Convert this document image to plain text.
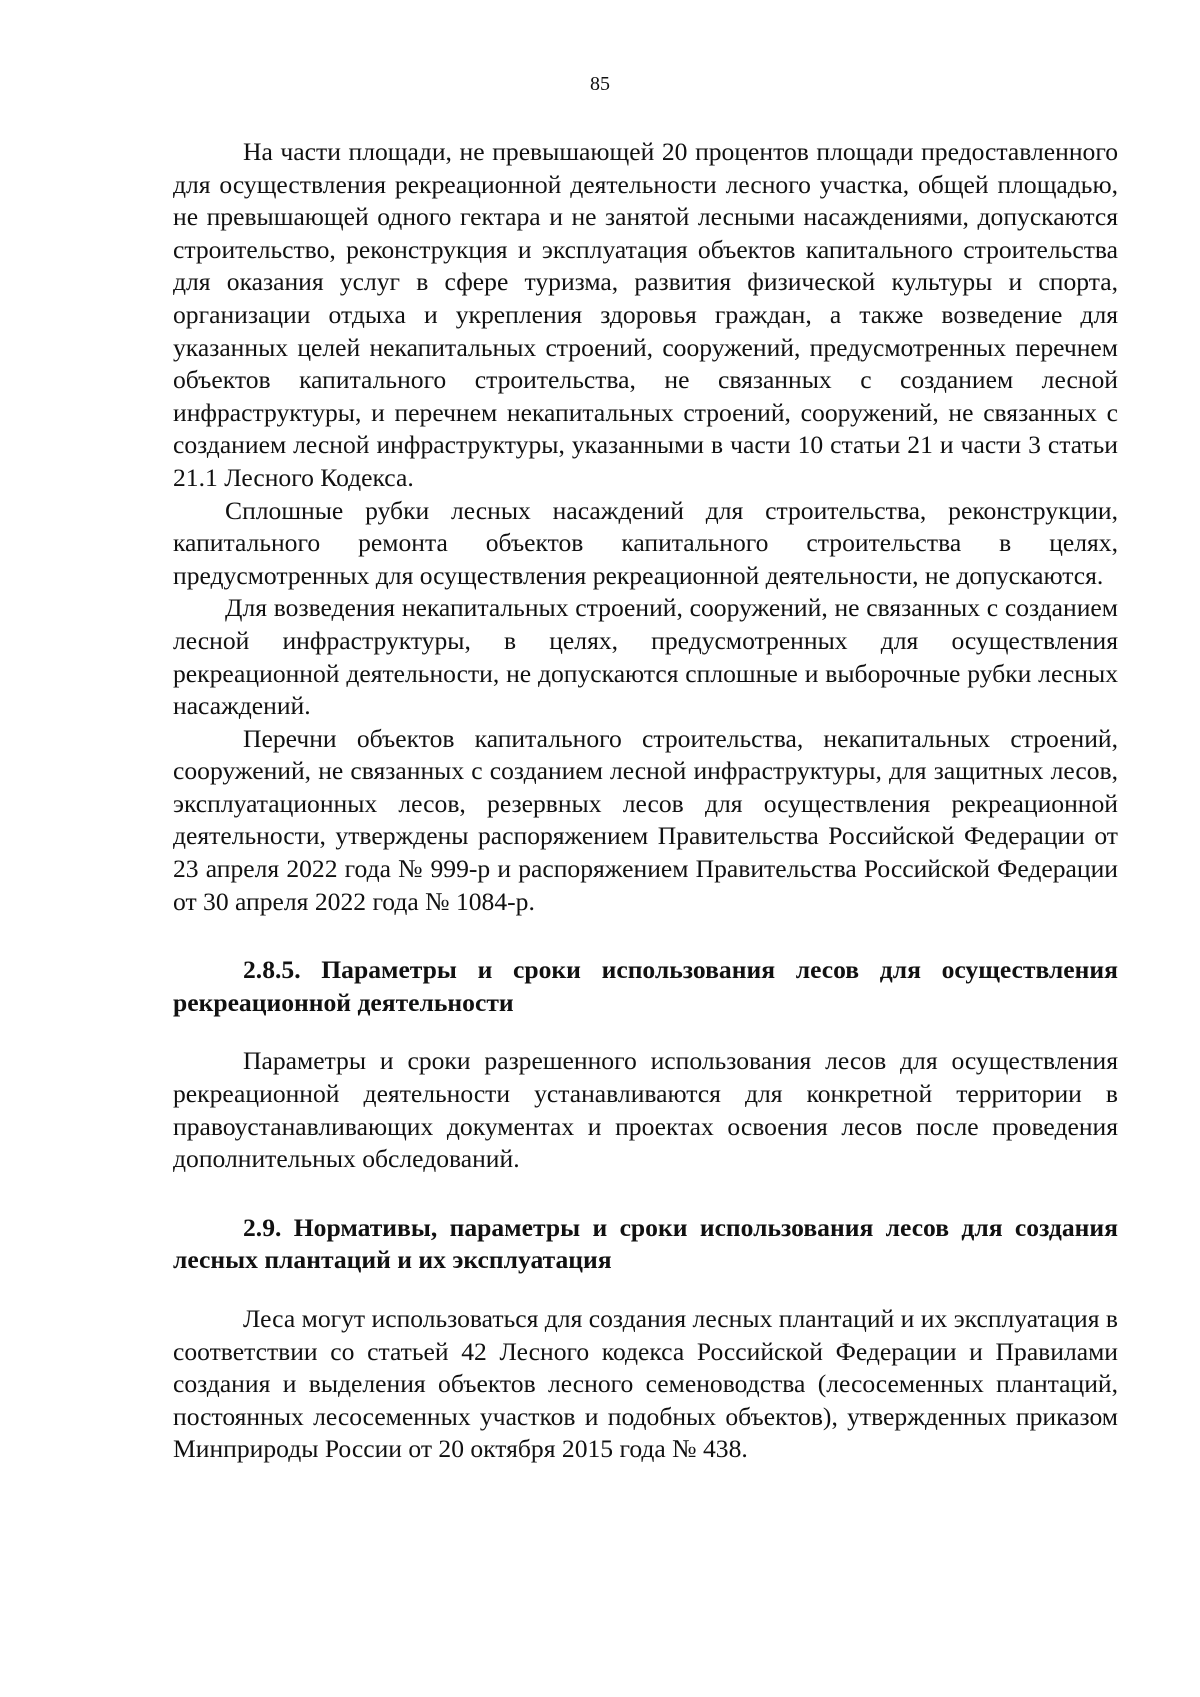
85

На части площади, не превышающей 20 процентов площади предоставленного для осуществления рекреационной деятельности лесного участка, общей площадью, не превышающей одного гектара и не занятой лесными насаждениями, допускаются строительство, реконструкция и эксплуатация объектов капитального строительства для оказания услуг в сфере туризма, развития физической культуры и спорта, организации отдыха и укрепления здоровья граждан, а также возведение для указанных целей некапитальных строений, сооружений, предусмотренных перечнем объектов капитального строительства, не связанных с созданием лесной инфраструктуры, и перечнем некапитальных строений, сооружений, не связанных с созданием лесной инфраструктуры, указанными в части 10 статьи 21 и части 3 статьи 21.1 Лесного Кодекса.

Сплошные рубки лесных насаждений для строительства, реконструкции, капитального ремонта объектов капитального строительства в целях, предусмотренных для осуществления рекреационной деятельности, не допускаются.

Для возведения некапитальных строений, сооружений, не связанных с созданием лесной инфраструктуры, в целях, предусмотренных для осуществления рекреационной деятельности, не допускаются сплошные и выборочные рубки лесных насаждений.

Перечни объектов капитального строительства, некапитальных строений, сооружений, не связанных с созданием лесной инфраструктуры, для защитных лесов, эксплуатационных лесов, резервных лесов для осуществления рекреационной деятельности, утверждены распоряжением Правительства Российской Федерации от 23 апреля 2022 года № 999-р и распоряжением Правительства Российской Федерации от 30 апреля 2022 года № 1084-р.

2.8.5. Параметры и сроки использования лесов для осуществления рекреационной деятельности

Параметры и сроки разрешенного использования лесов для осуществления рекреационной деятельности устанавливаются для конкретной территории в правоустанавливающих документах и проектах освоения лесов после проведения дополнительных обследований.

2.9. Нормативы, параметры и сроки использования лесов для создания лесных плантаций и их эксплуатация

Леса могут использоваться для создания лесных плантаций и их эксплуатация в соответствии со статьей 42 Лесного кодекса Российской Федерации и Правилами создания и выделения объектов лесного семеноводства (лесосеменных плантаций, постоянных лесосеменных участков и подобных объектов), утвержденных приказом Минприроды России от 20 октября 2015 года № 438.
